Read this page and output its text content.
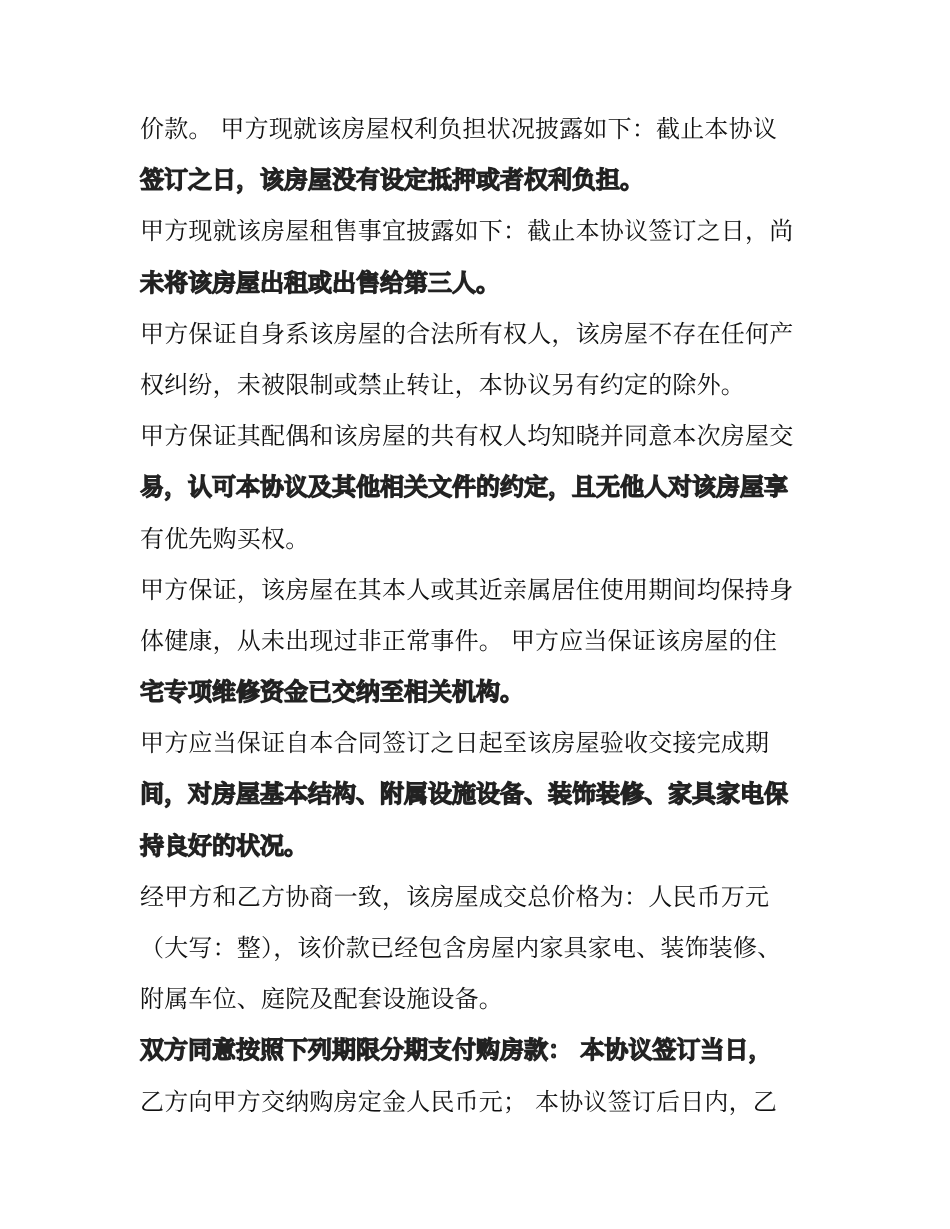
价款。 甲方现就该房屋权利负担状况披露如下：截止本协议
签订之日，该房屋没有设定抵押或者权利负担。
甲方现就该房屋租售事宜披露如下：截止本协议签订之日，尚
未将该房屋出租或出售给第三人。
甲方保证自身系该房屋的合法所有权人，该房屋不存在任何产
权纠纷，未被限制或禁止转让，本协议另有约定的除外。
甲方保证其配偶和该房屋的共有权人均知晓并同意本次房屋交
易，认可本协议及其他相关文件的约定，且无他人对该房屋享
有优先购买权。
甲方保证，该房屋在其本人或其近亲属居住使用期间均保持身
体健康，从未出现过非正常事件。 甲方应当保证该房屋的住
宅专项维修资金已交纳至相关机构。
甲方应当保证自本合同签订之日起至该房屋验收交接完成期
间，对房屋基本结构、附属设施设备、装饰装修、家具家电保
持良好的状况。
经甲方和乙方协商一致，该房屋成交总价格为：人民币万元
（大写：整），该价款已经包含房屋内家具家电、装饰装修、
附属车位、庭院及配套设施设备。
双方同意按照下列期限分期支付购房款： 本协议签订当日，
乙方向甲方交纳购房定金人民币元； 本协议签订后日内，乙
